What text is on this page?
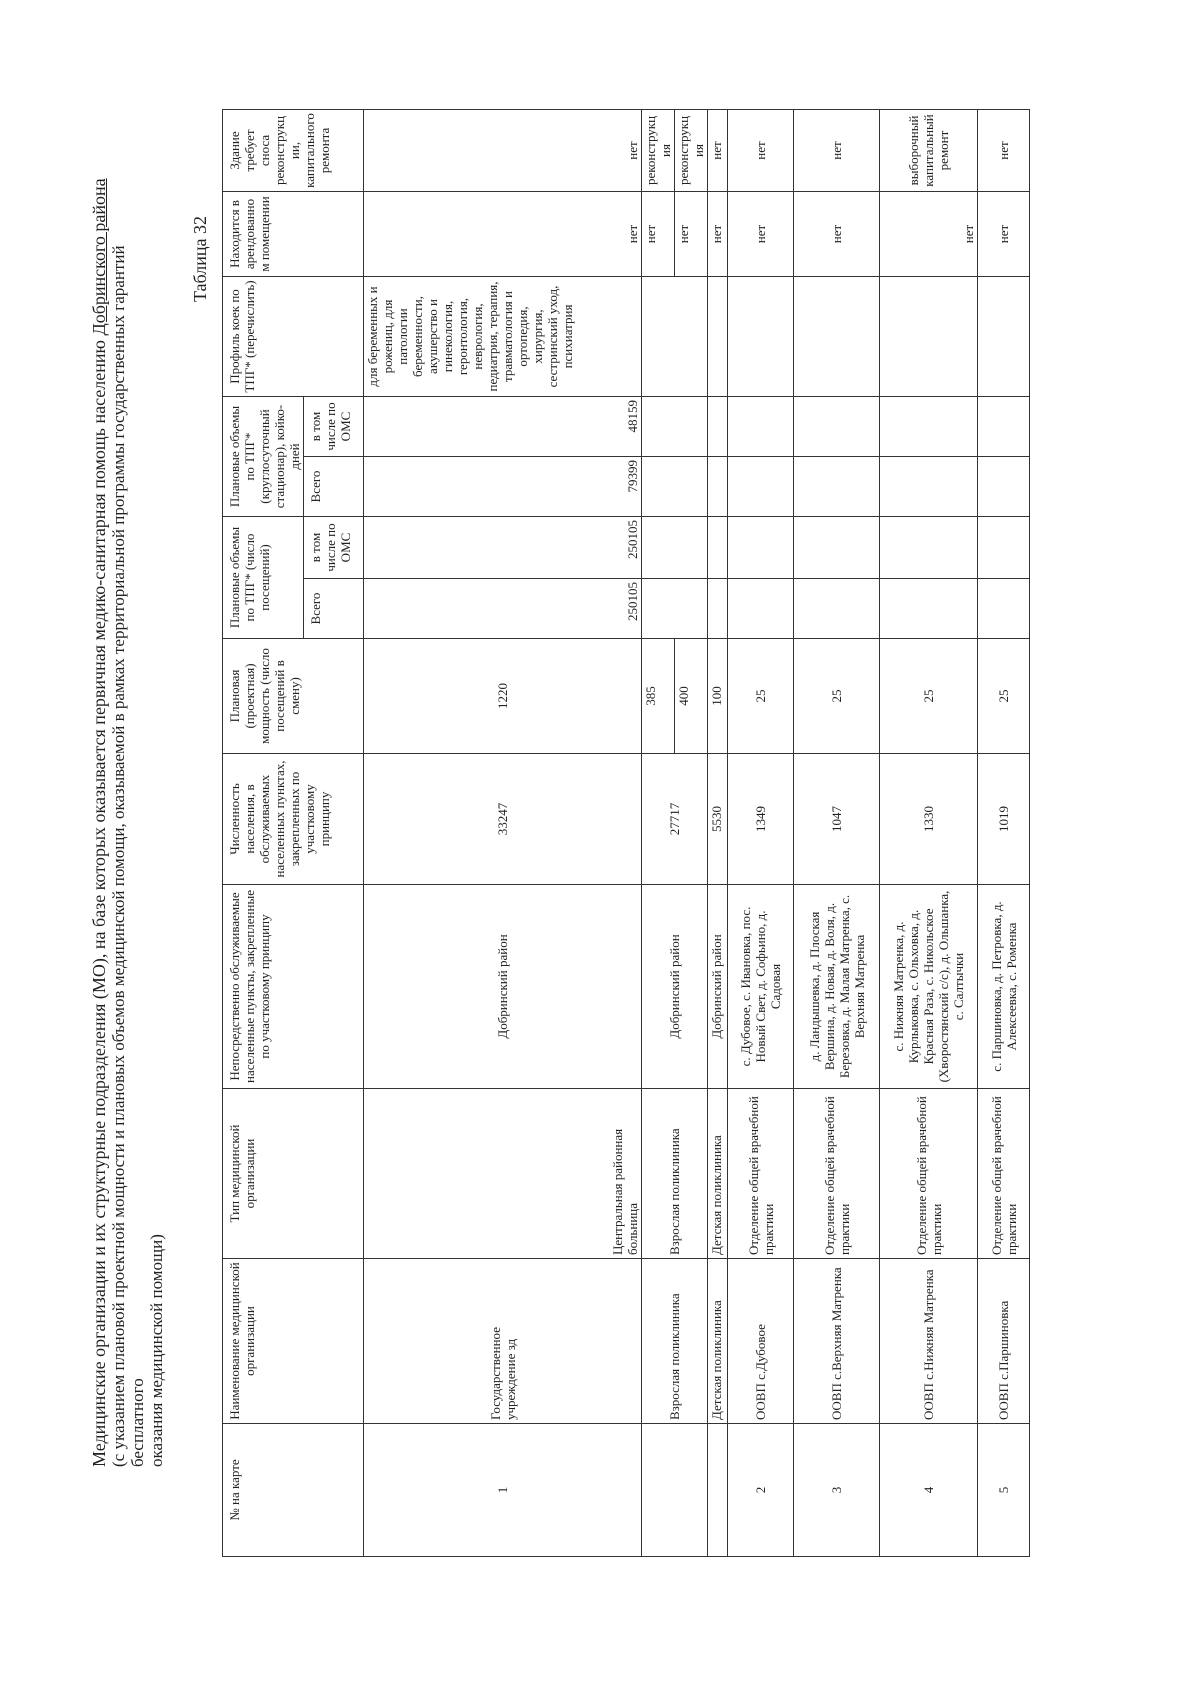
Медицинские организации и их структурные подразделения (МО), на базе которых оказывается первичная медико-санитарная помощь населению Добринского района (с указанием плановой проектной мощности и плановых объемов медицинской помощи, оказываемой в рамках территориальной программы государственных гарантий бесплатного оказания медицинской помощи)
Таблица 32
№ на карте	Наименование медицинской организации	Тип медицинской организации	Непосредственно обслуживаемые населенные пункты, закрепленные по участковому принципу	Численность населения, в обслуживаемых населенных пунктах, закрепленных по участковому принципу	Плановая (проектная) мощность (число посещений в смену)	Плановые объемы по ТПГ* (число посещений)		Плановые объемы по ТПГ* (круглосуточный стационар), койко-дней		Профиль коек по ТПГ* (перечислить)	Находится в арендованном помещении	Здание требует сноса реконструкции, капитального ремонта
						Всего	в том числе по ОМС	Всего	в том числе по ОМС			
1	Государственное учреждение зд	Центральная районная больница	Добринский район	33247	1220	250105	250105	79399	48159	для беременных и рожениц, для патологии беременности, акушерство и гинекология, геронтология, неврология, педиатрия, терапия, травматология и ортопедия, хирургия, сестринский уход, психиатрия	нет	нет
	Взрослая поликлиника	Взрослая поликлиника	Добринский район	27717	385						нет	реконструкция
					400						нет	реконструкция
	Детская поликлиника	Детская поликлиника	Добринский район	5530	100						нет	нет
2	ООВП с.Дубовое	Отделение общей врачебной практики	с. Дубовое, с. Ивановка, пос. Новый Свет, д. Софьино, д. Садовая	1349	25						нет	нет
3	ООВП с.Верхняя Матренка	Отделение общей врачебной практики	д. Ландышевка, д. Плоская Вершина, д. Новая, д. Воля, д. Березовка, д. Малая Матренка, с. Верхняя Матренка	1047	25						нет	нет
4	ООВП с.Нижняя Матренка	Отделение общей врачебной практики	с. Нижняя Матренка, д. Курлыковка, с. Ольховка, д. Красная Раза, с. Никольское (Хворостянский с/с), д. Ольшанка, с. Салтычки	1330	25						нет	выборочный капитальный ремонт
5	ООВП с.Паршиновка	Отделение общей врачебной практики	с. Паршиновка, д. Петровка, д. Алексеевка, с. Роменка	1019	25						нет	нет
